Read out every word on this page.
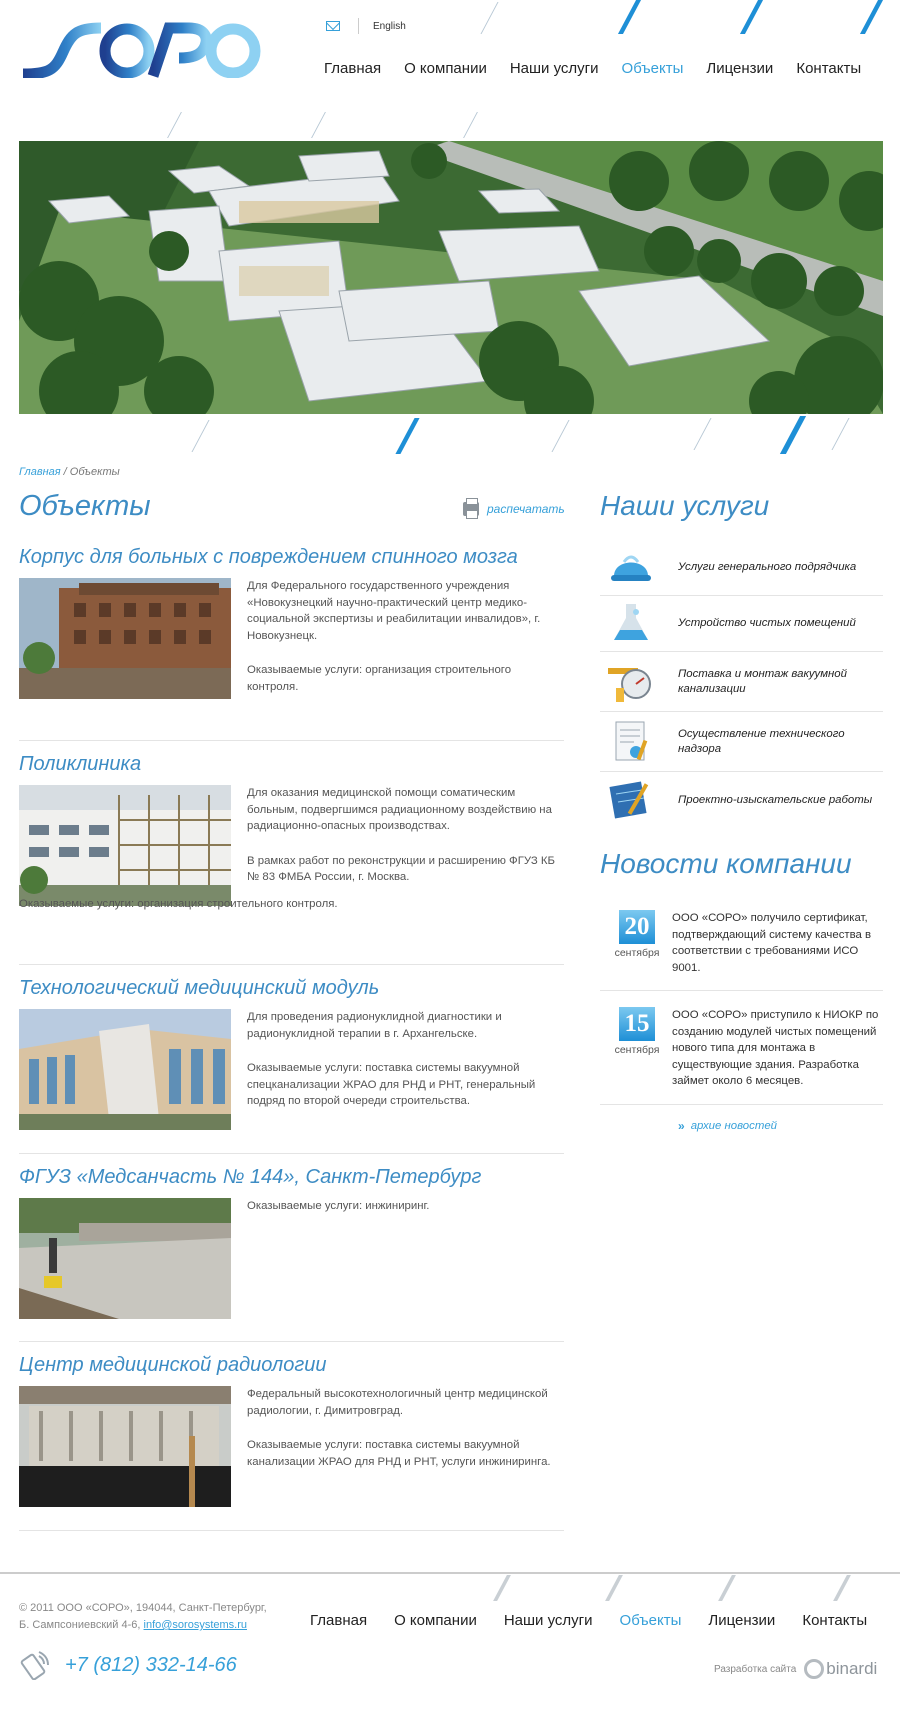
English
Главная О компании Наши услуги Объекты Лицензии Контакты
Главная / Объекты
Объекты	распечатать
Корпус для больных с повреждением спинного мозга

Для Федерального государственного учреждения «Новокузнецкий научно-практический центр медико-социальной экспертизы и реабилитации инвалидов», г. Новокузнецк.

Оказываемые услуги: организация строительного контроля.

Поликлиника

Для оказания медицинской помощи соматическим больным, подвергшимся радиационному воздействию на радиационно-опасных производствах.

В рамках работ по реконструкции и расширению ФГУЗ КБ № 83 ФМБА России, г. Москва.

Оказываемые услуги: организация строительного контроля.
Технологический медицинский модуль

Для проведения радионуклидной диагностики и радионуклидной терапии в г. Архангельске.

Оказываемые услуги: поставка системы вакуумной спецканализации ЖРАО для РНД и РНТ, генеральный подряд по второй очереди строительства.

ФГУЗ «Медсанчасть № 144», Санкт-Петербург

Оказываемые услуги: инжиниринг.

Центр медицинской радиологии

Федеральный высокотехнологичный центр медицинской радиологии, г. Димитровград.

Оказываемые услуги: поставка системы вакуумной канализации ЖРАО для РНД и РНТ, услуги инжиниринга.

Наши услуги
Услуги генерального подрядчика
Устройство чистых помещений
Поставка и монтаж вакуумной канализации
Осуществление технического надзора
Проектно-изыскательские работы
Новости компании
20
сентября
ООО «СОРО» получило сертификат, подтверждающий систему качества в соответствии с требованиями ИСО 9001.
15
сентября
ООО «СОРО» приступило к НИОКР по созданию модулей чистых помещений нового типа для монтажа в существующие здания. Разработка займет около 6 месяцев.
» архие новостей
© 2011 ООО «СОРО», 194044, Санкт-Петербург,
Б. Сампсониевский 4-6, info@sorosystems.ru	Главная О компании Наши услуги Объекты Лицензии Контакты
+7 (812) 332-14-66	Разработка сайта binardi
